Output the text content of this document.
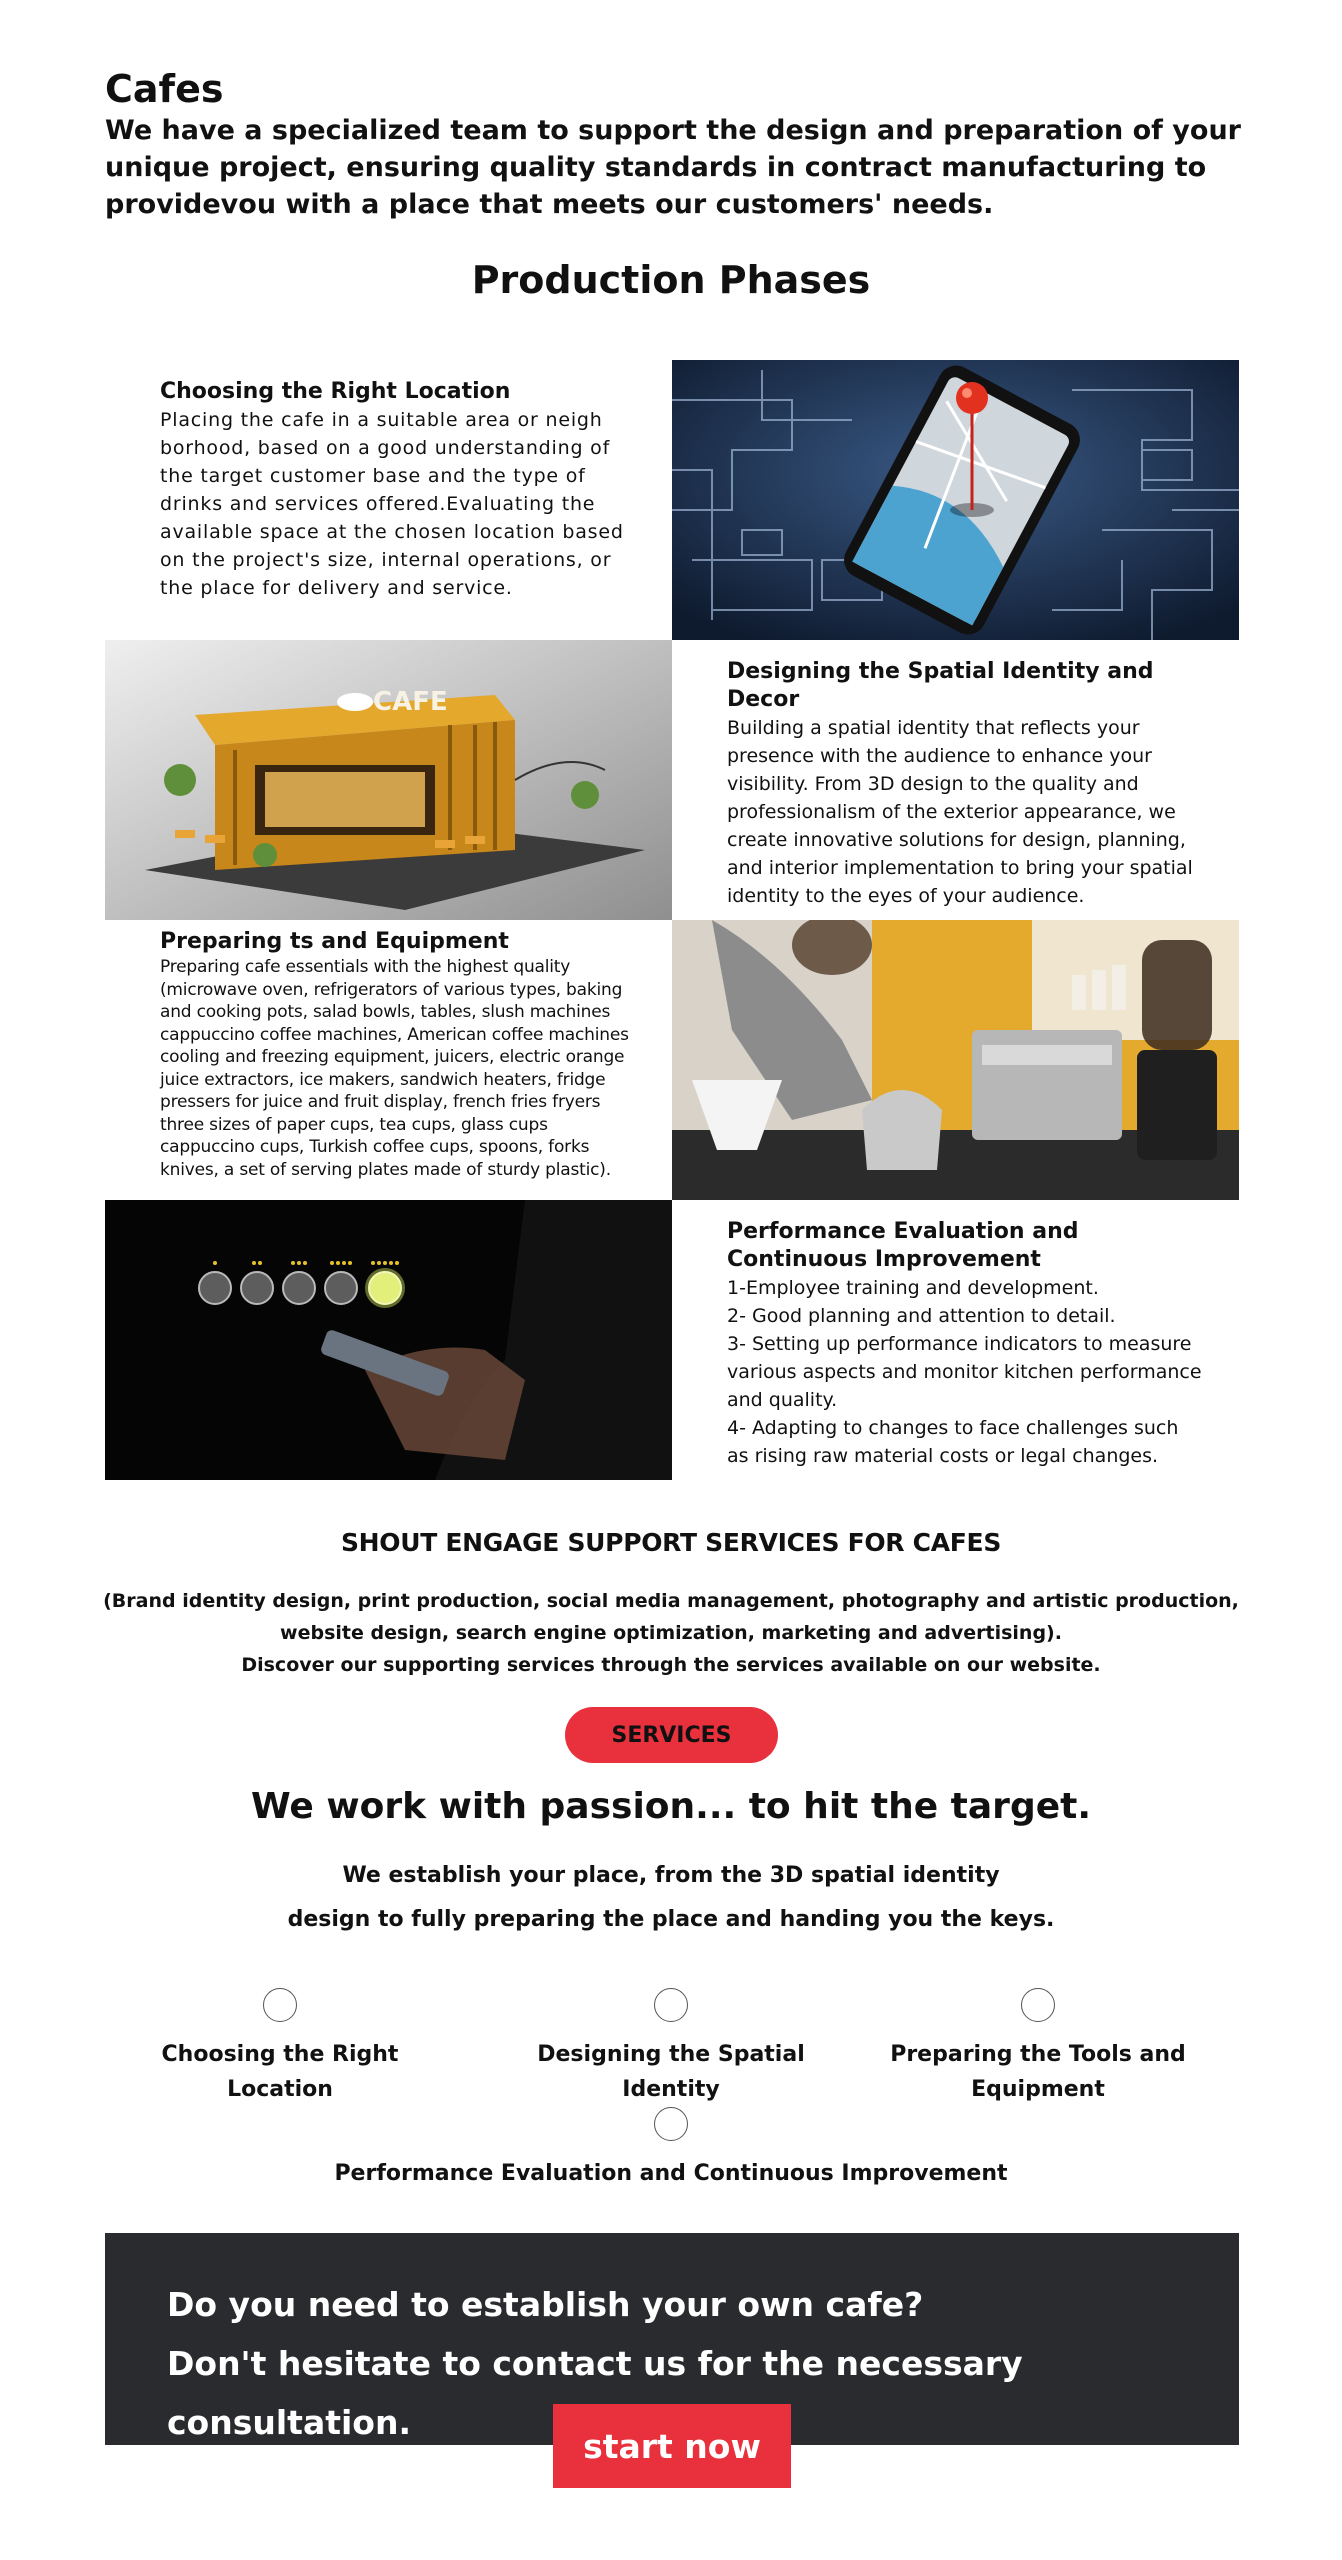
Cafes

We have a specialized team to support the design and preparation of your unique project, ensuring quality standards in contract manufacturing to providevou with a place that meets our customers' needs.

Production Phases
Choosing the Right Location

Placing the cafe in a suitable area or neigh borhood, based on a good understanding of the target customer base and the type of drinks and services offered.Evaluating the available space at the chosen location based on the project's size, internal operations, or the place for delivery and service.

CAFE
Designing the Spatial Identity and Decor

Building a spatial identity that reflects your presence with the audience to enhance your visibility. From 3D design to the quality and professionalism of the exterior appearance, we create innovative solutions for design, planning, and interior implementation to bring your spatial identity to the eyes of your audience.

Preparing ts and Equipment

Preparing cafe essentials with the highest quality (microwave oven, refrigerators of various types, baking and cooking pots, salad bowls, tables, slush machines cappuccino coffee machines, American coffee machines cooling and freezing equipment, juicers, electric orange juice extractors, ice makers, sandwich heaters, fridge pressers for juice and fruit display, french fries fryers three sizes of paper cups, tea cups, glass cups cappuccino cups, Turkish coffee cups, spoons, forks knives, a set of serving plates made of sturdy plastic).

Performance Evaluation and Continuous Improvement

1-Employee training and development.
2- Good planning and attention to detail.
3- Setting up performance indicators to measure various aspects and monitor kitchen performance and quality.
4- Adapting to changes to face challenges such as rising raw material costs or legal changes.

SHOUT ENGAGE SUPPORT SERVICES FOR CAFES

(Brand identity design, print production, social media management, photography and artistic production,
website design, search engine optimization, marketing and advertising).
Discover our supporting services through the services available on our website.

SERVICES
We work with passion... to hit the target.

We establish your place, from the 3D spatial identity
design to fully preparing the place and handing you the keys.

Choosing the Right Location
Designing the Spatial Identity
Preparing the Tools and
Equipment
Performance Evaluation and Continuous Improvement

Do you need to establish your own cafe?

Don't hesitate to contact us for the necessary consultation.

start now
